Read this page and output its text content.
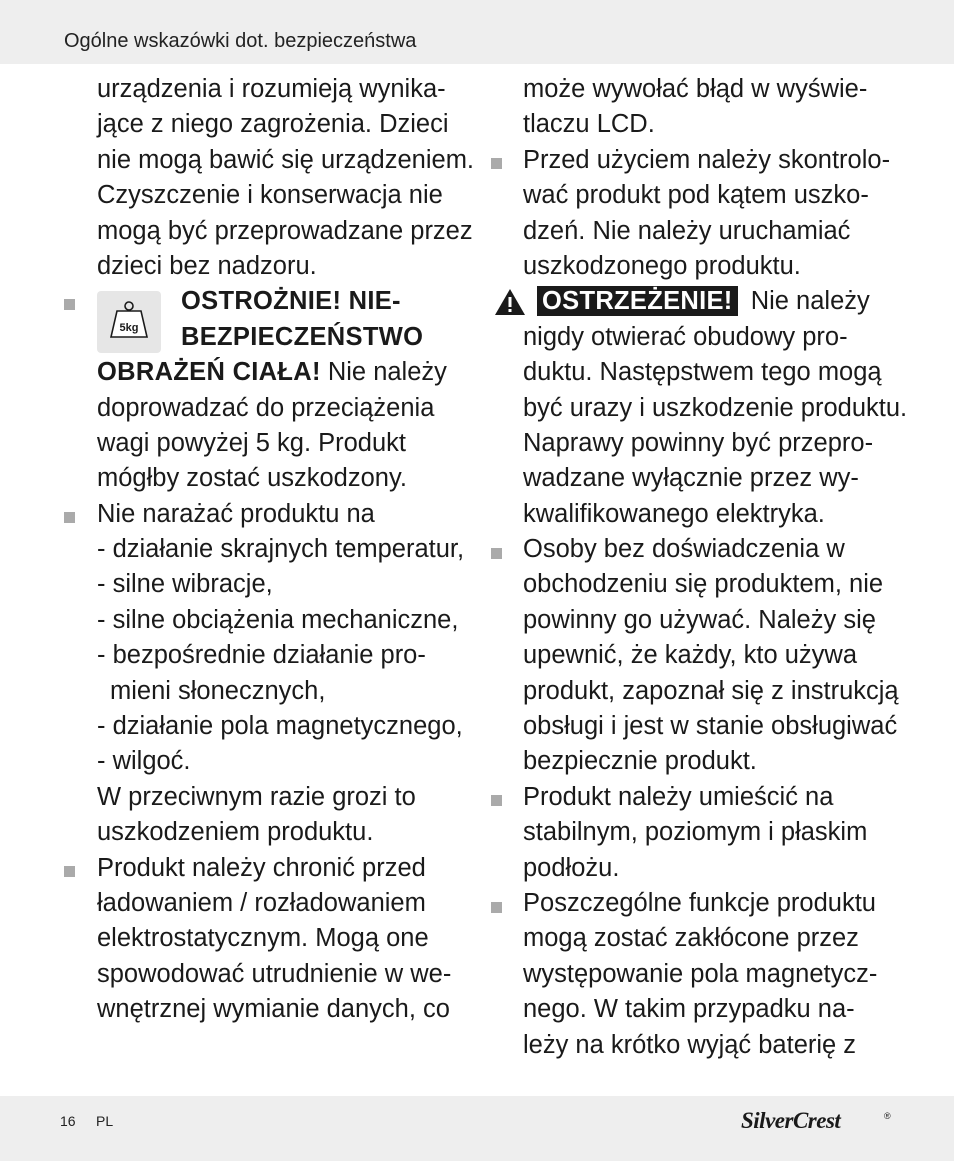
Ogólne wskazówki dot. bezpieczeństwa
urządzenia i rozumieją wynika-
jące z niego zagrożenia. Dzieci
nie mogą bawić się urządzeniem.
Czyszczenie i konserwacja nie
mogą być przeprowadzane przez
dzieci bez nadzoru.
OSTROŻNIE! NIE-
BEZPIECZEŃSTWO
OBRAŻEŃ CIAŁA! Nie należy
doprowadzać do przeciążenia
wagi powyżej 5 kg. Produkt
mógłby zostać uszkodzony.
Nie narażać produktu na
- działanie skrajnych temperatur,
- silne wibracje,
- silne obciążenia mechaniczne,
- bezpośrednie działanie pro-
mieni słonecznych,
- działanie pola magnetycznego,
- wilgoć.
W przeciwnym razie grozi to
uszkodzeniem produktu.
Produkt należy chronić przed
ładowaniem / rozładowaniem
elektrostatycznym. Mogą one
spowodować utrudnienie w we-
wnętrznej wymianie danych, co
5kg
może wywołać błąd w wyświe-
tlaczu LCD.
Przed użyciem należy skontrolo-
wać produkt pod kątem uszko-
dzeń. Nie należy uruchamiać
uszkodzonego produktu.
OSTRZEŻENIE! Nie należy
nigdy otwierać obudowy pro-
duktu. Następstwem tego mogą
być urazy i uszkodzenie produktu.
Naprawy powinny być przepro-
wadzane wyłącznie przez wy-
kwalifikowanego elektryka.
Osoby bez doświadczenia w
obchodzeniu się produktem, nie
powinny go używać. Należy się
upewnić, że każdy, kto używa
produkt, zapoznał się z instrukcją
obsługi i jest w stanie obsługiwać
bezpiecznie produkt.
Produkt należy umieścić na
stabilnym, poziomym i płaskim
podłożu.
Poszczególne funkcje produktu
mogą zostać zakłócone przez
występowanie pola magnetycz-
nego. W takim przypadku na-
leży na krótko wyjąć baterię z
16 PL	SilverCrest	®
